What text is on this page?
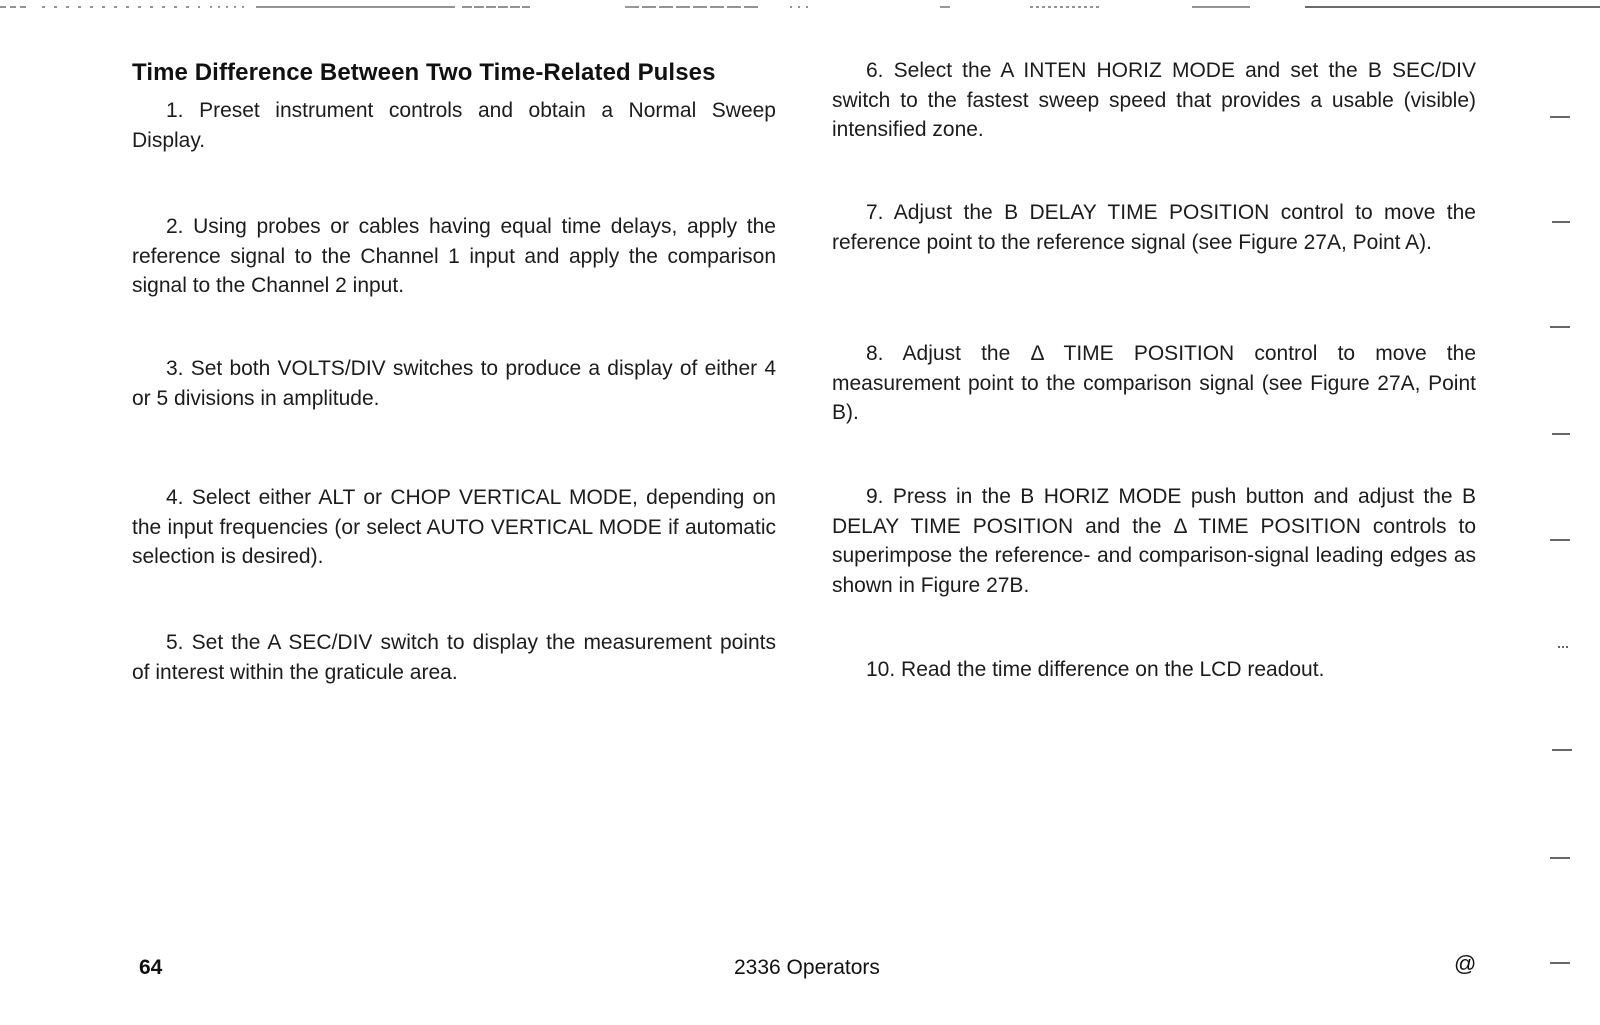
Time Difference Between Two Time-Related Pulses

1. Preset instrument controls and obtain a Normal Sweep Display.

2. Using probes or cables having equal time delays, apply the reference signal to the Channel 1 input and apply the comparison signal to the Channel 2 input.

3. Set both VOLTS/DIV switches to produce a display of either 4 or 5 divisions in amplitude.

4. Select either ALT or CHOP VERTICAL MODE, depending on the input frequencies (or select AUTO VERTICAL MODE if automatic selection is desired).

5. Set the A SEC/DIV switch to display the measurement points of interest within the graticule area.

6. Select the A INTEN HORIZ MODE and set the B SEC/DIV switch to the fastest sweep speed that provides a usable (visible) intensified zone.

7. Adjust the B DELAY TIME POSITION control to move the reference point to the reference signal (see Figure 27A, Point A).

8. Adjust the Δ TIME POSITION control to move the measurement point to the comparison signal (see Figure 27A, Point B).

9. Press in the B HORIZ MODE push button and adjust the B DELAY TIME POSITION and the Δ TIME POSITION controls to superimpose the reference- and comparison-signal leading edges as shown in Figure 27B.

10. Read the time difference on the LCD readout.

64	2336 Operators	@
